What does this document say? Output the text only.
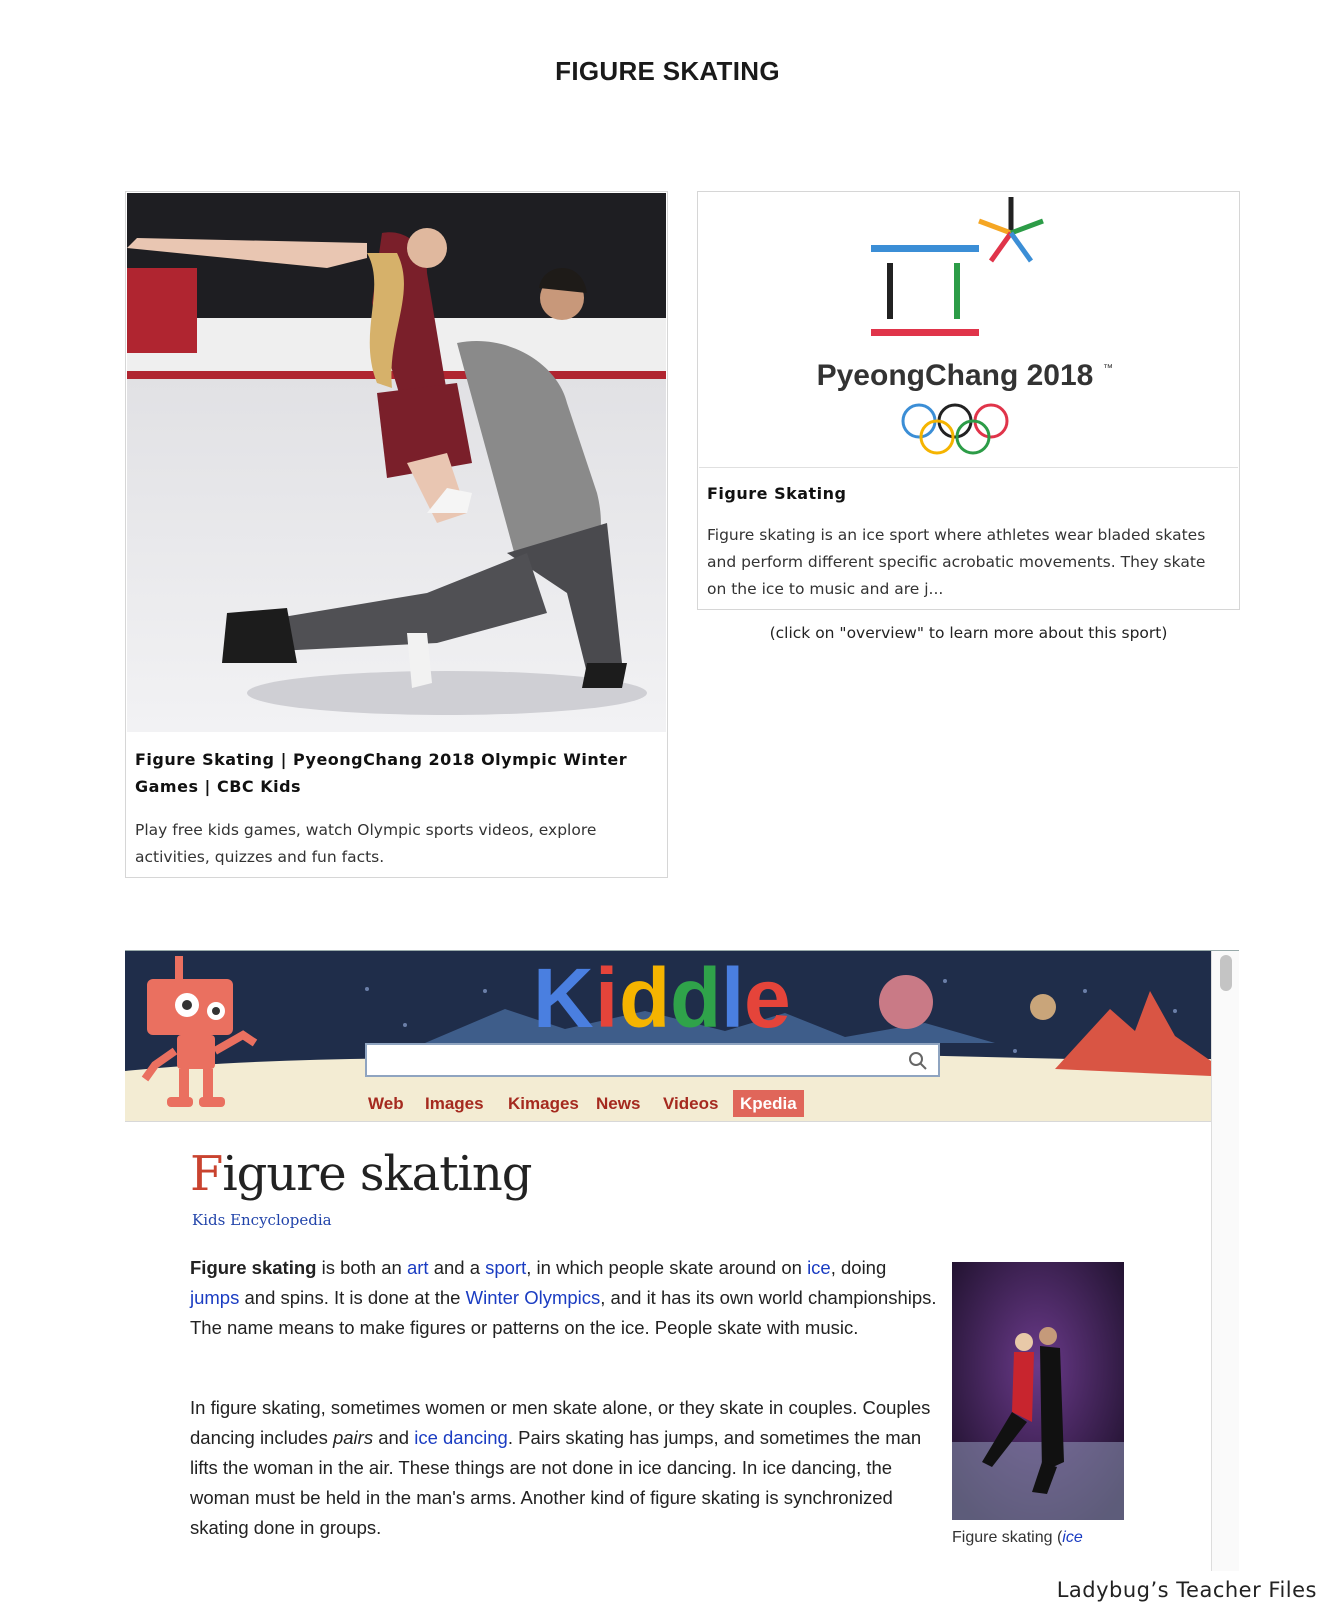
FIGURE SKATING
Figure Skating | PyeongChang 2018 Olympic Winter Games | CBC Kids
Play free kids games, watch Olympic sports videos, explore activities, quizzes and fun facts.
PyeongChang 2018 ™
Figure Skating
Figure skating is an ice sport where athletes wear bladed skates and perform different specific acrobatic movements. They skate on the ice to music and are j...
(click on "overview" to learn more about this sport)
K i d d l e
Web Images Kimages News Videos	Kpedia
Figure skating
Kids Encyclopedia
Figure skating is both an art and a sport, in which people skate around on ice, doing jumps and spins. It is done at the Winter Olympics, and it has its own world championships. The name means to make figures or patterns on the ice. People skate with music.
In figure skating, sometimes women or men skate alone, or they skate in couples. Couples dancing includes pairs and ice dancing. Pairs skating has jumps, and sometimes the man lifts the woman in the air. These things are not done in ice dancing. In ice dancing, the woman must be held in the man's arms. Another kind of figure skating is synchronized skating done in groups.	Figure skating (ice
Ladybug’s Teacher Files
